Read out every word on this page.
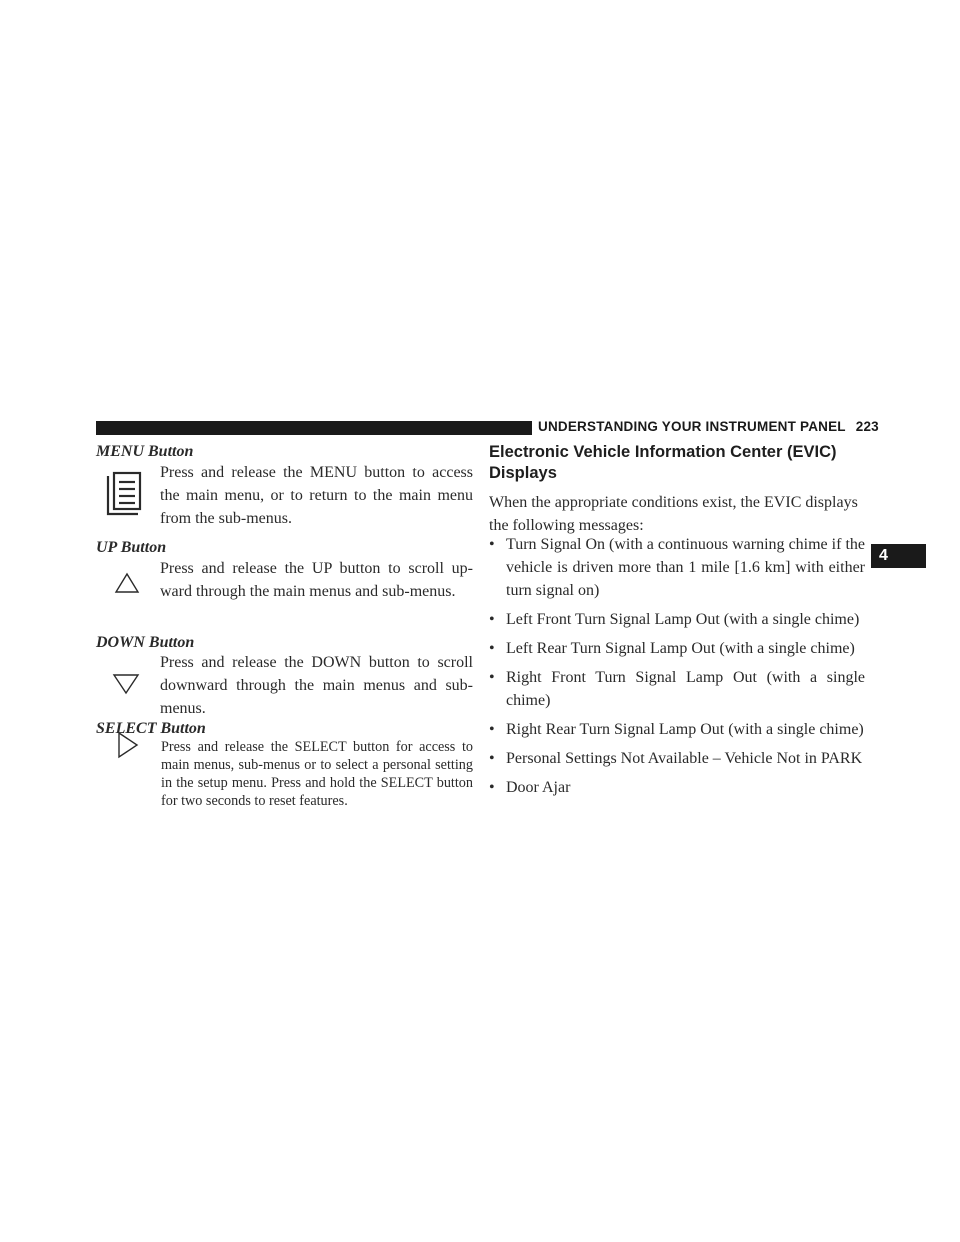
UNDERSTANDING YOUR INSTRUMENT PANEL 223
4
MENU Button
Press and release the MENU button to access the main menu, or to return to the main menu from the sub-menus.
UP Button
Press and release the UP button to scroll up-ward through the main menus and sub-menus.
DOWN Button
Press and release the DOWN button to scroll downward through the main menus and sub-menus.
SELECT Button
Press and release the SELECT button for access to main menus, sub-menus or to select a personal setting in the setup menu. Press and hold the SELECT button for two seconds to reset features.
Electronic Vehicle Information Center (EVIC) Displays
When the appropriate conditions exist, the EVIC displays the following messages:
• Turn Signal On (with a continuous warning chime if the vehicle is driven more than 1 mile [1.6 km] with either turn signal on)
• Left Front Turn Signal Lamp Out (with a single chime)
• Left Rear Turn Signal Lamp Out (with a single chime)
• Right Front Turn Signal Lamp Out (with a single chime)
• Right Rear Turn Signal Lamp Out (with a single chime)
• Personal Settings Not Available – Vehicle Not in PARK
• Door Ajar
